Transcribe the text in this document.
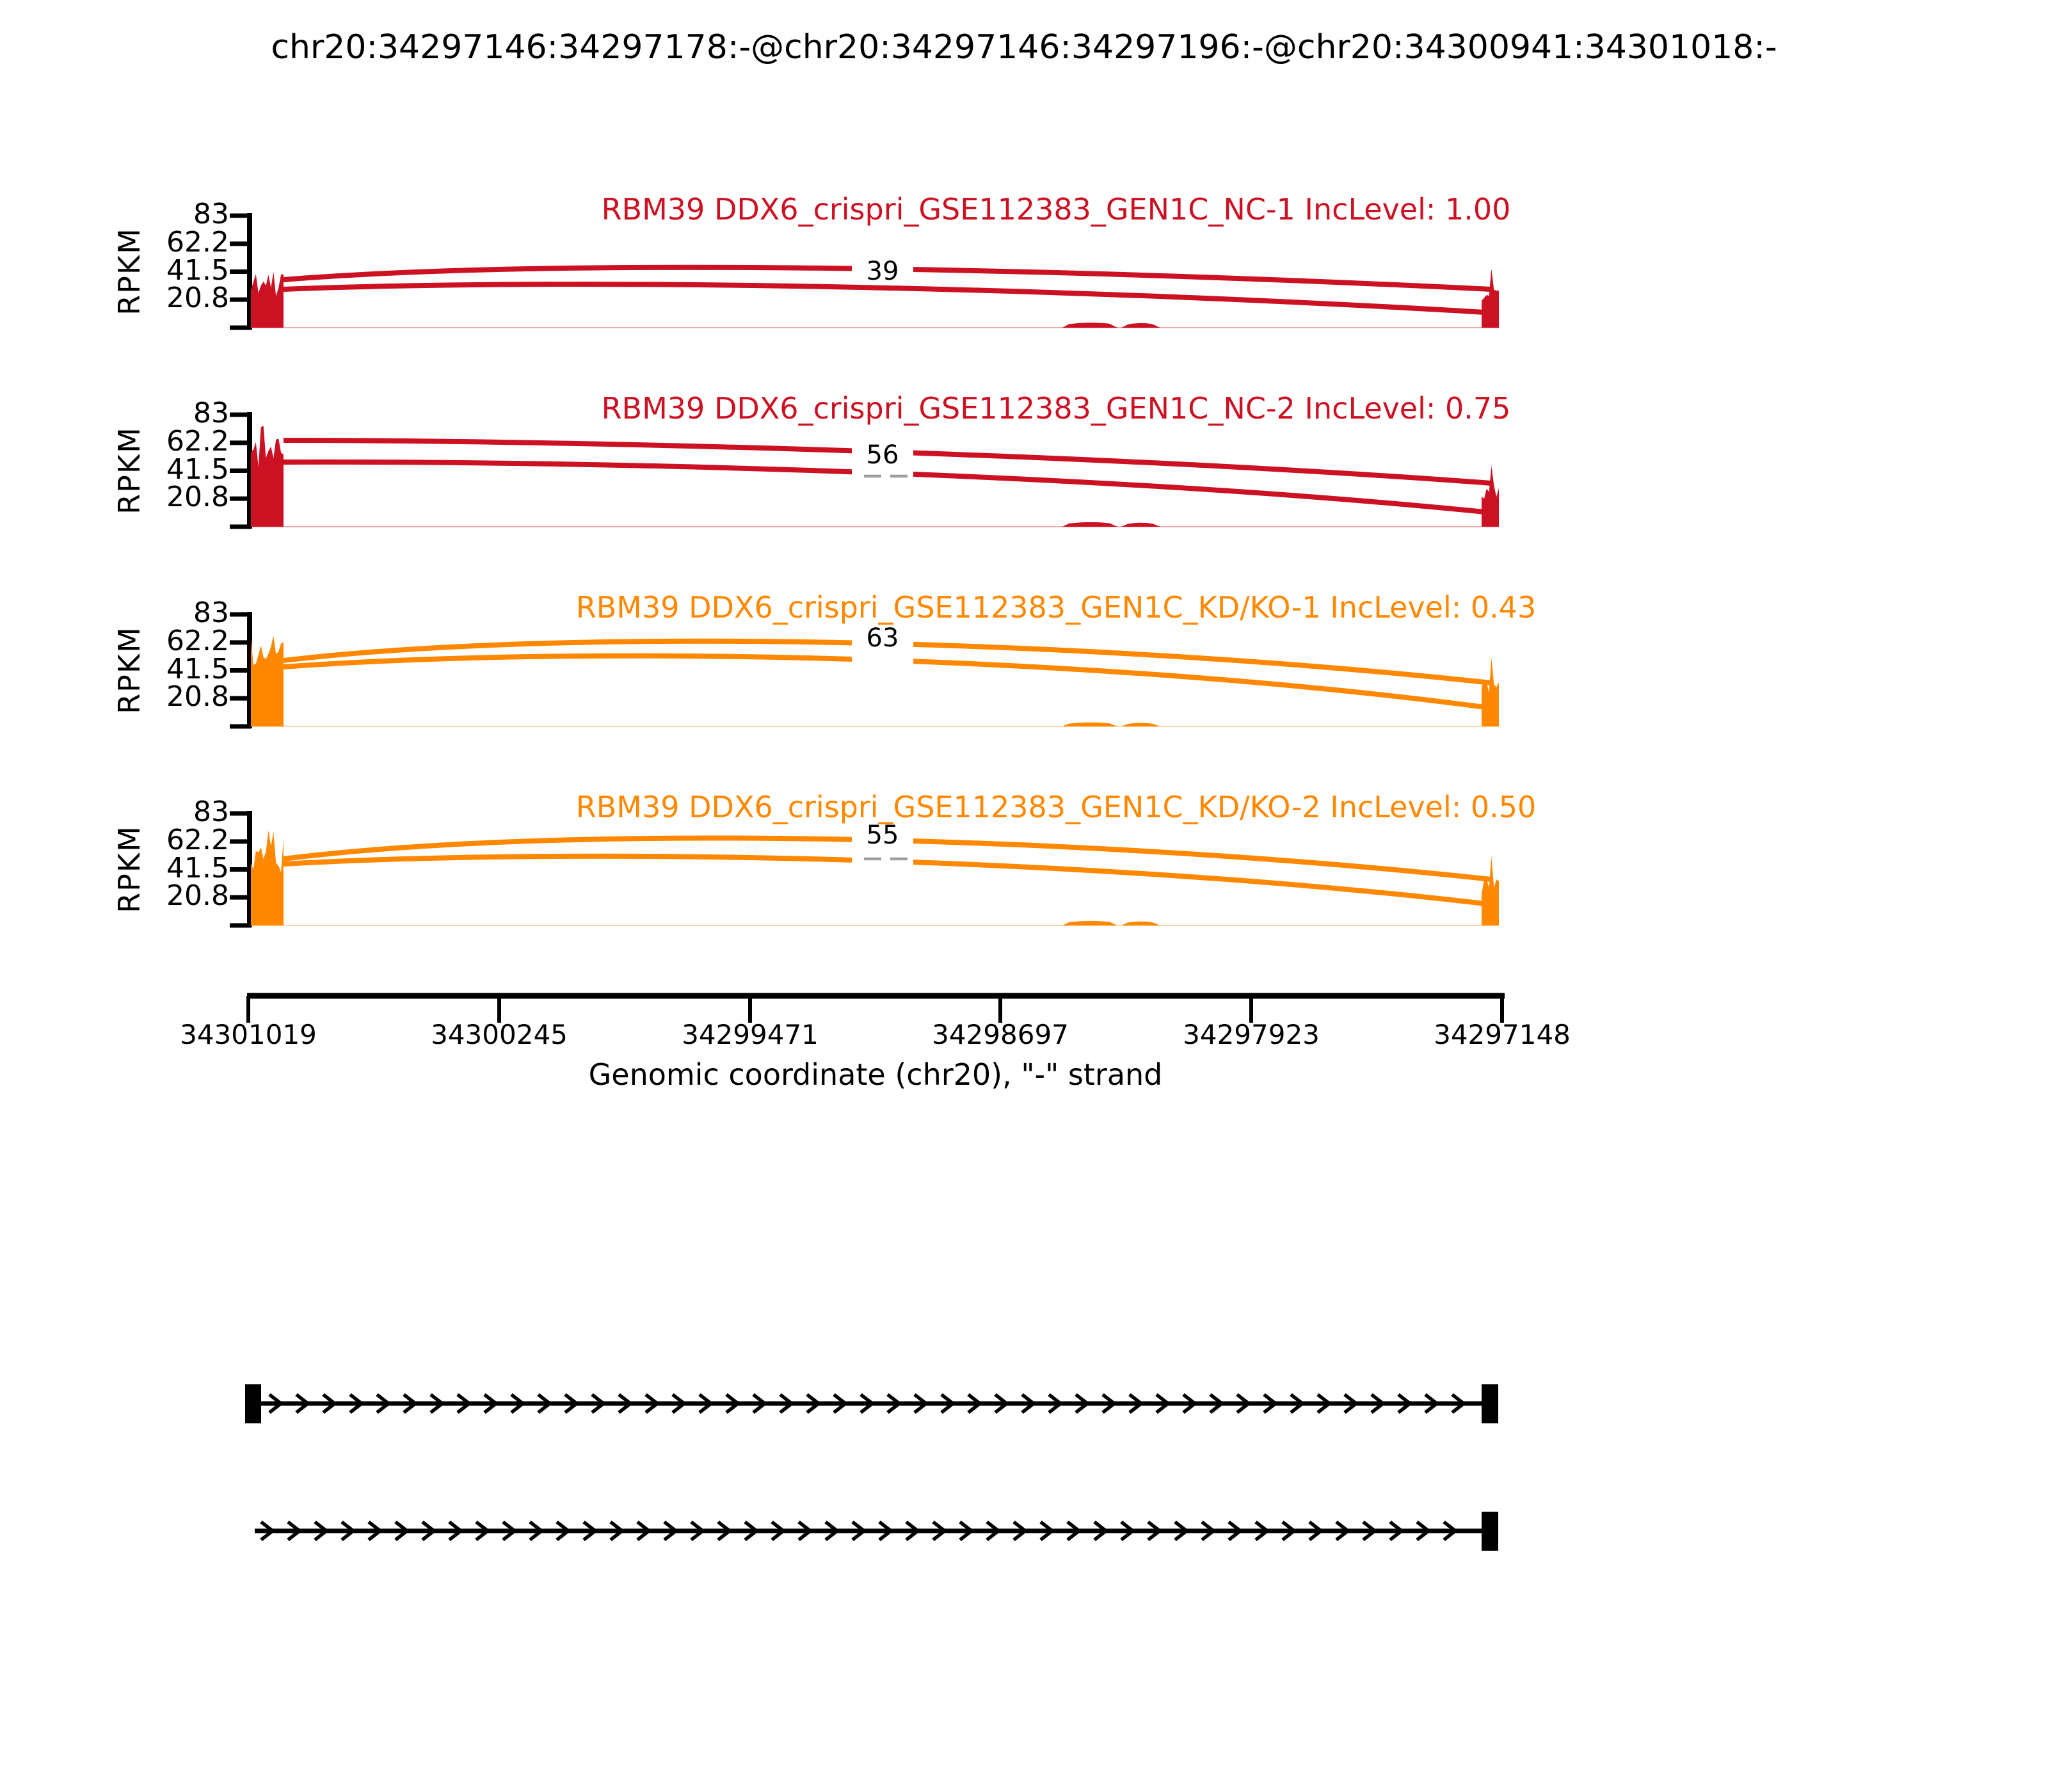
chr20:34297146:34297178:-@chr20:34297146:34297196:-@chr20:34300941:34301018:-
RBM39 DDX6_crispri_GSE112383_GEN1C_NC-1 IncLevel: 1.00
RBM39 DDX6_crispri_GSE112383_GEN1C_NC-2 IncLevel: 0.75
RBM39 DDX6_crispri_GSE112383_GEN1C_KD/KO-1 IncLevel: 0.43
RBM39 DDX6_crispri_GSE112383_GEN1C_KD/KO-2 IncLevel: 0.50
39
56
63
55
34301019	34300245	34299471	34298697	34297923	34297148
Genomic coordinate (chr20), "-" strand
83
62.2
41.5
20.8
RPKM
83
62.2
41.5
20.8
RPKM
83
62.2
41.5
20.8
RPKM
83
62.2
41.5
20.8
RPKM
